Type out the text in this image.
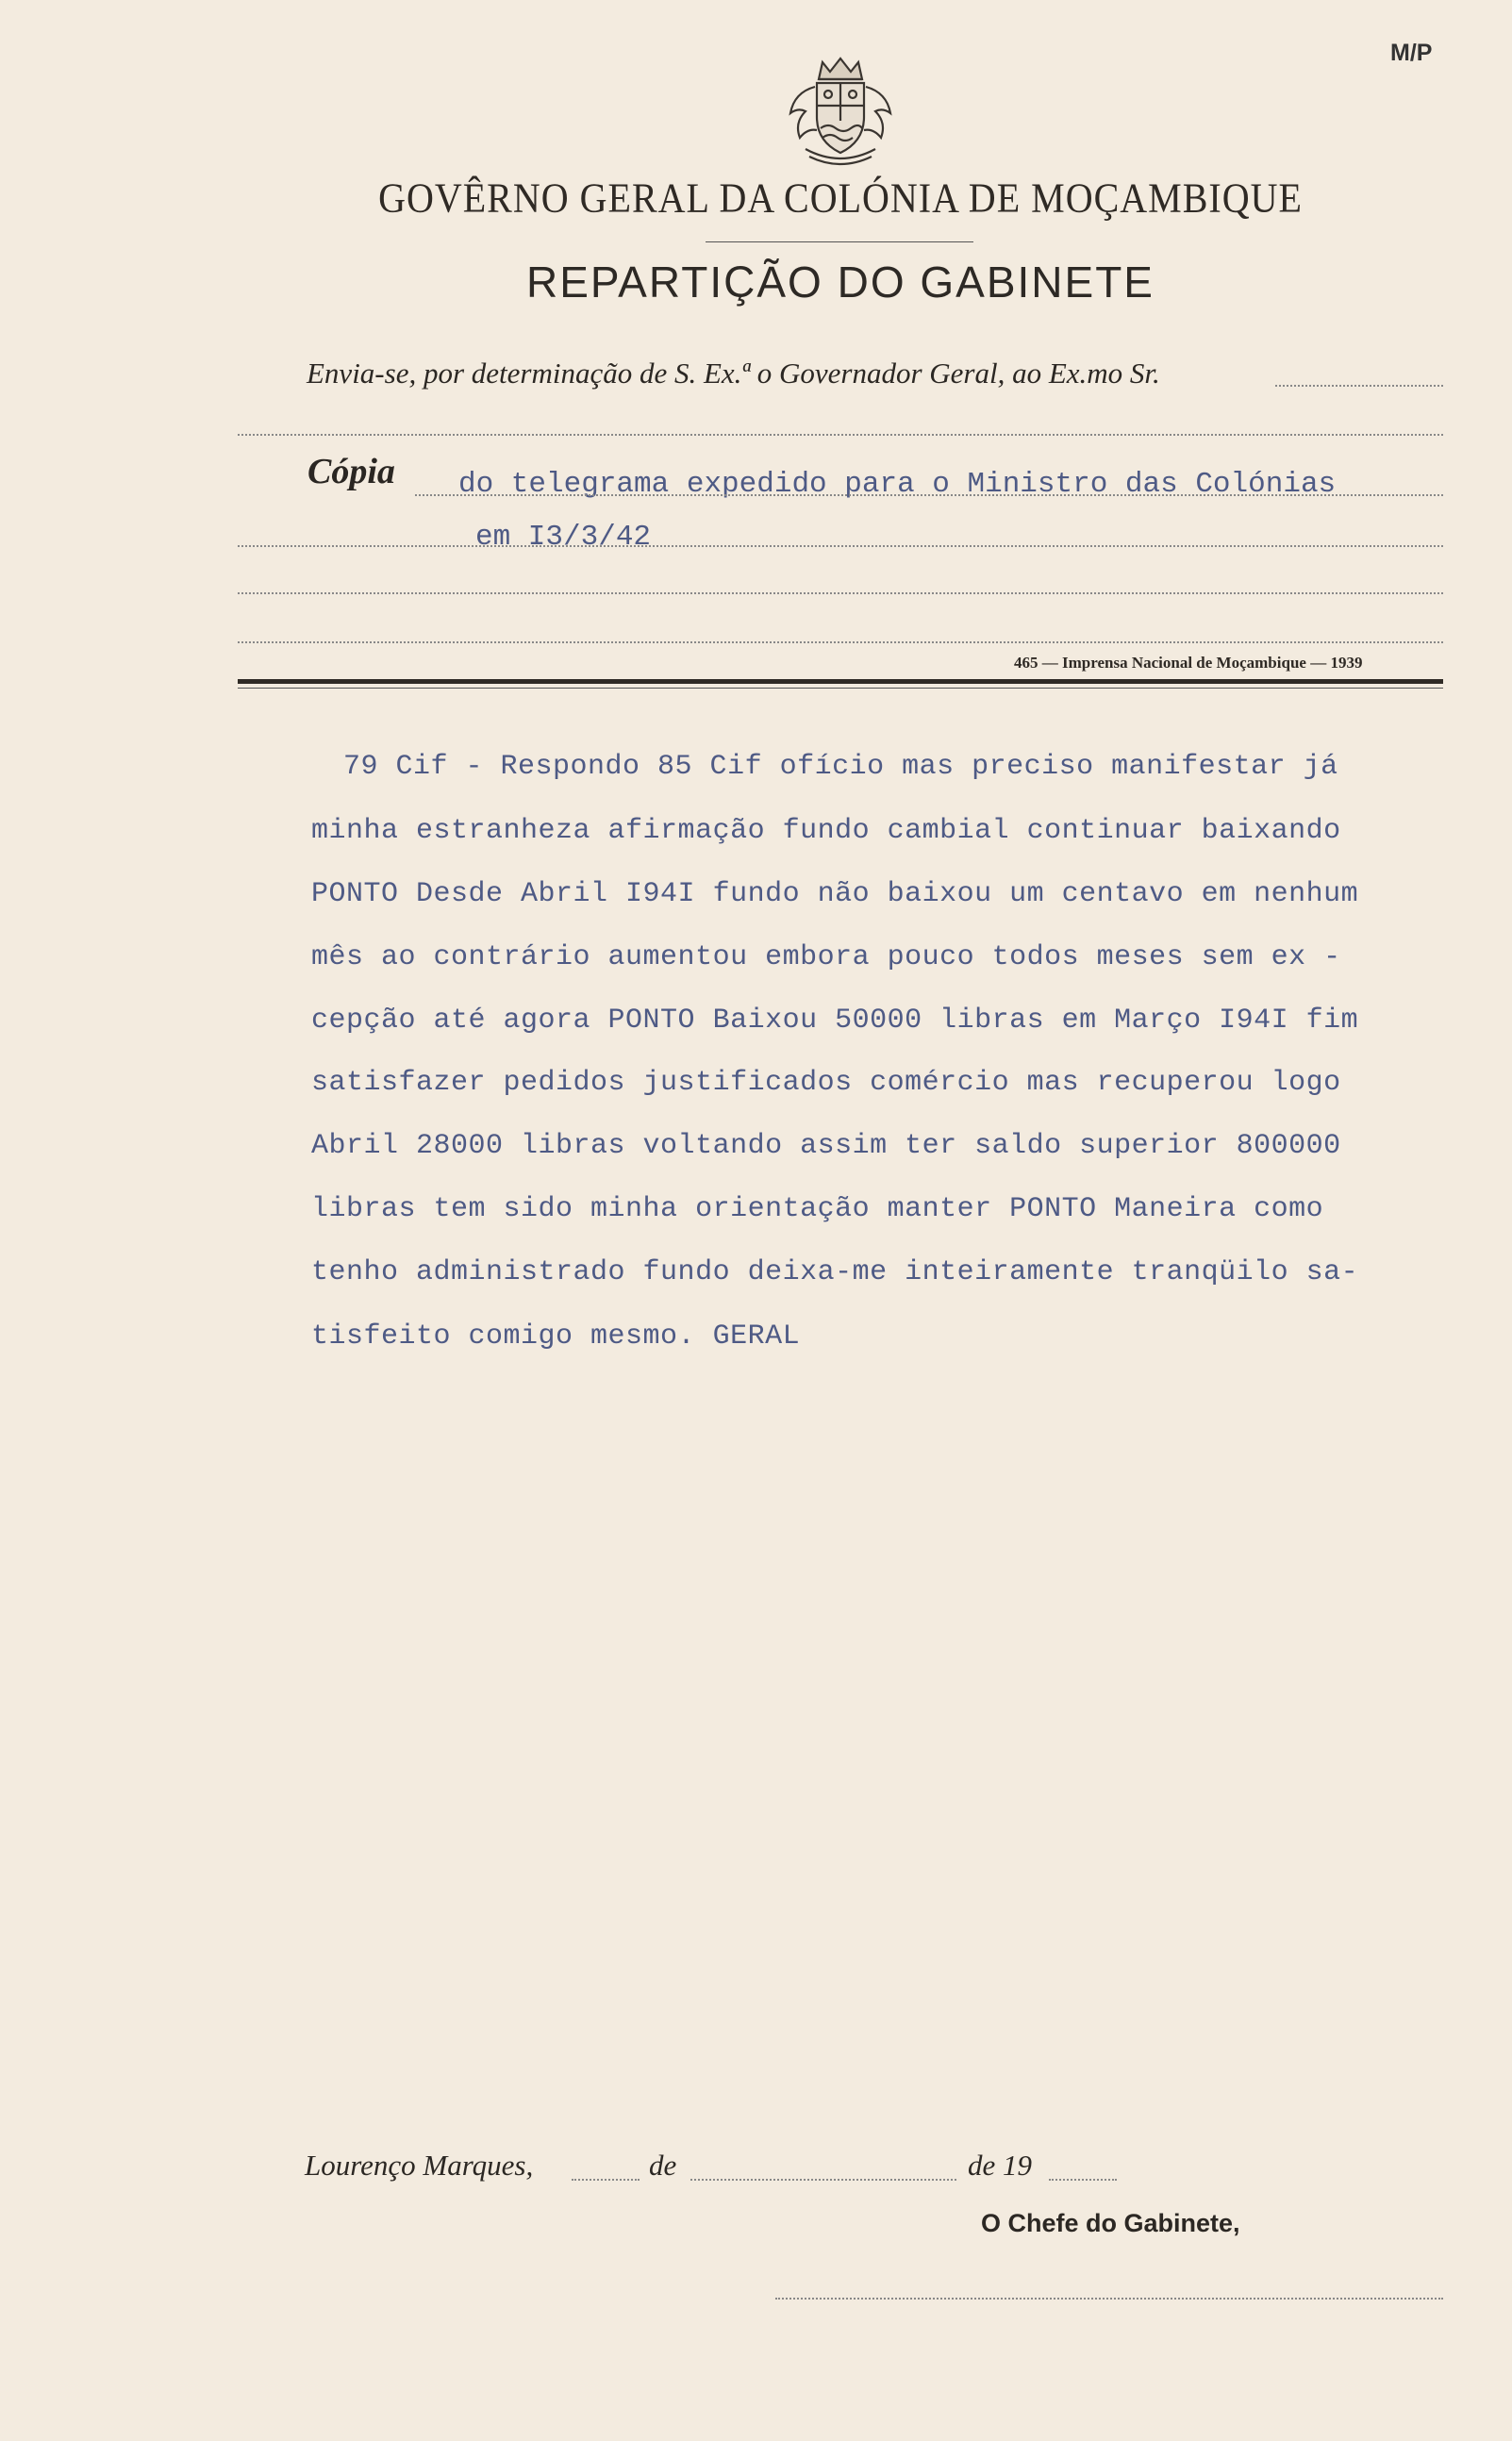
M/P
GOVÊRNO GERAL DA COLÓNIA DE MOÇAMBIQUE
REPARTIÇÃO DO GABINETE
Envia-se, por determinação de S. Ex.ª o Governador Geral, ao Ex.mo Sr.
Cópia do telegrama expedido para o Ministro das Colónias
em I3/3/42
465 — Imprensa Nacional de Moçambique — 1939
79 Cif - Respondo 85 Cif ofício mas preciso manifestar já
minha estranheza afirmação fundo cambial continuar baixando
PONTO Desde Abril I94I fundo não baixou um centavo em nenhum
mês ao contrário aumentou embora pouco todos meses sem ex -
cepção até agora PONTO Baixou 50000 libras em Março I94I fim
satisfazer pedidos justificados comércio mas recuperou logo
Abril 28000 libras voltando assim ter saldo superior 800000
libras tem sido minha orientação manter PONTO Maneira como
tenho administrado fundo deixa-me inteiramente tranqüilo sa-
tisfeito comigo mesmo. GERAL
Lourenço Marques,	de	de 19
O Chefe do Gabinete,
